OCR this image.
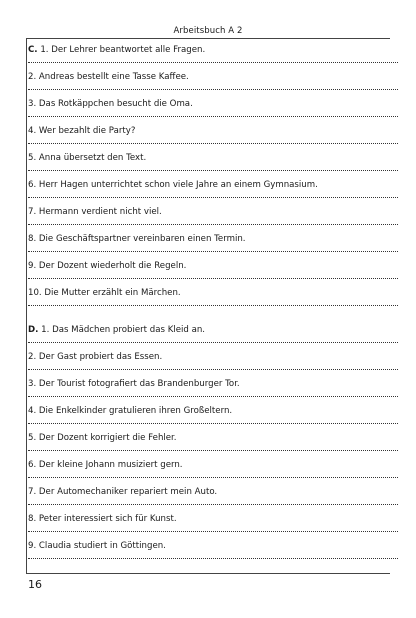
Arbeitsbuch A 2
C. 1. Der Lehrer beantwortet alle Fragen.
2. Andreas bestellt eine Tasse Kaffee.
3. Das Rotkäppchen besucht die Oma.
4. Wer bezahlt die Party?
5. Anna übersetzt den Text.
6. Herr Hagen unterrichtet schon viele Jahre an einem Gymnasium.
7. Hermann verdient nicht viel.
8. Die Geschäftspartner vereinbaren einen Termin.
9. Der Dozent wiederholt die Regeln.
10. Die Mutter erzählt ein Märchen.
D. 1. Das Mädchen probiert das Kleid an.
2. Der Gast probiert das Essen.
3. Der Tourist fotografiert das Brandenburger Tor.
4. Die Enkelkinder gratulieren ihren Großeltern.
5. Der Dozent korrigiert die Fehler.
6. Der kleine Johann musiziert gern.
7. Der Automechaniker repariert mein Auto.
8. Peter interessiert sich für Kunst.
9. Claudia studiert in Göttingen.
16
